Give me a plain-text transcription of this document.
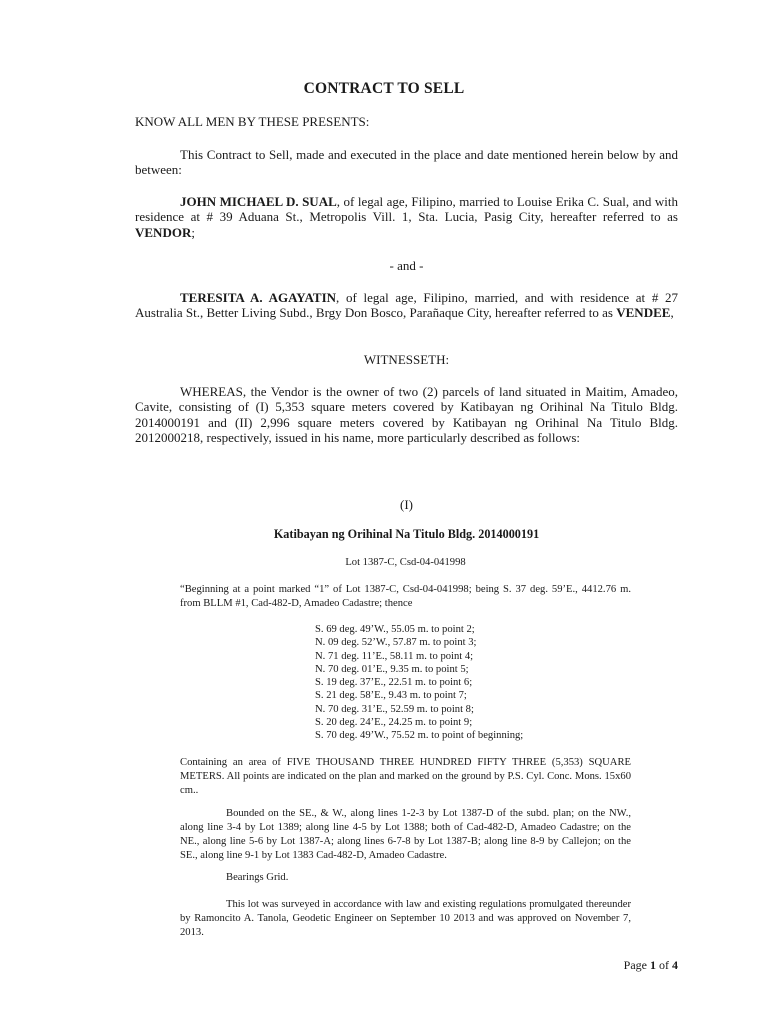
CONTRACT TO SELL

KNOW ALL MEN BY THESE PRESENTS:

This Contract to Sell, made and executed in the place and date mentioned herein below by and between:

JOHN MICHAEL D. SUAL, of legal age, Filipino, married to Louise Erika C. Sual, and with residence at # 39 Aduana St., Metropolis Vill. 1, Sta. Lucia, Pasig City, hereafter referred to as VENDOR;

- and -

TERESITA A. AGAYATIN, of legal age, Filipino, married, and with residence at # 27 Australia St., Better Living Subd., Brgy Don Bosco, Parañaque City, hereafter referred to as VENDEE,

WITNESSETH:

WHEREAS, the Vendor is the owner of two (2) parcels of land situated in Maitim, Amadeo, Cavite, consisting of (I) 5,353 square meters covered by Katibayan ng Orihinal Na Titulo Bldg. 2014000191 and (II) 2,996 square meters covered by Katibayan ng Orihinal Na Titulo Bldg. 2012000218, respectively, issued in his name, more particularly described as follows:

(I)

Katibayan ng Orihinal Na Titulo Bldg. 2014000191

Lot 1387-C, Csd-04-041998

“Beginning at a point marked “1” of Lot 1387-C, Csd-04-041998; being S. 37 deg. 59’E., 4412.76 m. from BLLM #1, Cad-482-D, Amadeo Cadastre; thence

S. 69 deg. 49’W., 55.05 m. to point 2;
N. 09 deg. 52’W., 57.87 m. to point 3;
N. 71 deg. 11’E., 58.11 m. to point 4;
N. 70 deg. 01’E., 9.35 m. to point 5;
S. 19 deg. 37’E., 22.51 m. to point 6;
S. 21 deg. 58’E., 9.43 m. to point 7;
N. 70 deg. 31’E., 52.59 m. to point 8;
S. 20 deg. 24’E., 24.25 m. to point 9;
S. 70 deg. 49’W., 75.52 m. to point of beginning;

Containing an area of FIVE THOUSAND THREE HUNDRED FIFTY THREE (5,353) SQUARE METERS. All points are indicated on the plan and marked on the ground by P.S. Cyl. Conc. Mons. 15x60 cm..

Bounded on the SE., & W., along lines 1-2-3 by Lot 1387-D of the subd. plan; on the NW., along line 3-4 by Lot 1389; along line 4-5 by Lot 1388; both of Cad-482-D, Amadeo Cadastre; on the NE., along line 5-6 by Lot 1387-A; along lines 6-7-8 by Lot 1387-B; along line 8-9 by Callejon; on the SE., along line 9-1 by Lot 1383 Cad-482-D, Amadeo Cadastre.

Bearings Grid.

This lot was surveyed in accordance with law and existing regulations promulgated thereunder by Ramoncito A. Tanola, Geodetic Engineer on September 10 2013 and was approved on November 7, 2013.

Page 1 of 4
